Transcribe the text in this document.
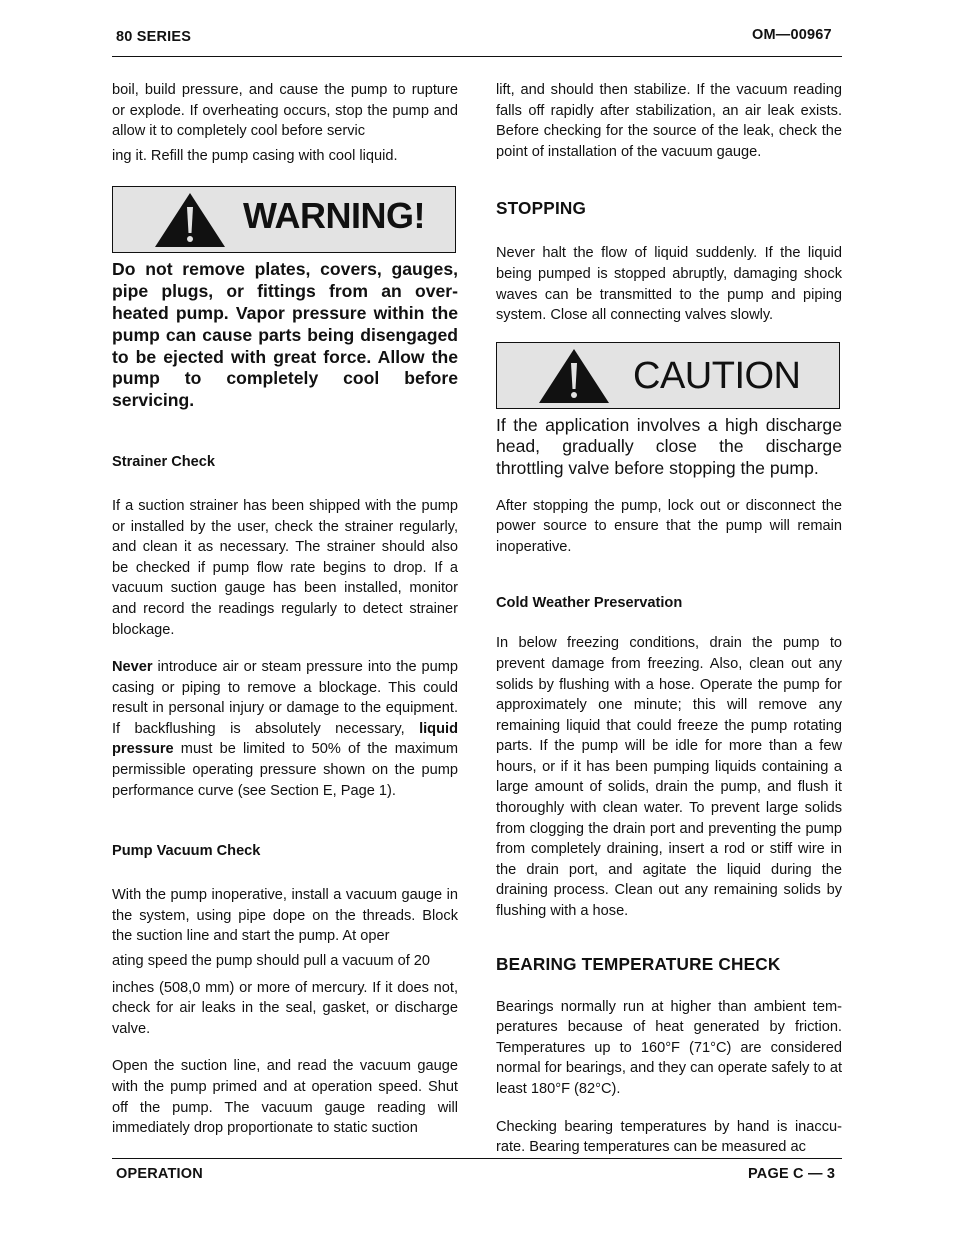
80 SERIES	OM—00967

boil, build pressure, and cause the pump to rupture or explode. If overheating occurs, stop the pump and allow it to completely cool before servic

ing it. Refill the pump casing with cool liquid.

WARNING!

Do not remove plates, covers, gauges, pipe plugs, or fittings from an overheated pump. Vapor pressure within the pump can cause parts being disengaged to be ejected with great force. Allow the pump to completely cool before servicing.

Strainer Check

If a suction strainer has been shipped with the pump or installed by the user, check the strainer regularly, and clean it as necessary. The strainer should also be checked if pump flow rate begins to drop. If a vacuum suction gauge has been installed, monitor and record the readings regularly to detect strainer blockage.

Never introduce air or steam pressure into the pump casing or piping to remove a blockage. This could result in personal injury or damage to the equipment. If backflushing is absolutely necessary, liquid pressure must be limited to 50% of the maximum permissible operating pressure shown on the pump performance curve (see Section E, Page 1).

Pump Vacuum Check

With the pump inoperative, install a vacuum gauge in the system, using pipe dope on the threads. Block the suction line and start the pump. At oper

ating speed the pump should pull a vacuum of 20

inches (508,0 mm) or more of mercury. If it does not, check for air leaks in the seal, gasket, or discharge valve.

Open the suction line, and read the vacuum gauge with the pump primed and at operation speed. Shut off the pump. The vacuum gauge reading will immediately drop proportionate to static suction

lift, and should then stabilize. If the vacuum reading falls off rapidly after stabilization, an air leak exists. Before checking for the source of the leak, check the point of installation of the vacuum gauge.

STOPPING

Never halt the flow of liquid suddenly. If the liquid being pumped is stopped abruptly, damaging shock waves can be transmitted to the pump and piping system. Close all connecting valves slowly.

CAUTION

If the application involves a high discharge head, gradually close the discharge throttling valve before stopping the pump.

After stopping the pump, lock out or disconnect the power source to ensure that the pump will remain inoperative.

Cold Weather Preservation

In below freezing conditions, drain the pump to prevent damage from freezing. Also, clean out any solids by flushing with a hose. Operate the pump for approximately one minute; this will remove any remaining liquid that could freeze the pump rotating parts. If the pump will be idle for more than a few hours, or if it has been pumping liquids containing a large amount of solids, drain the pump, and flush it thoroughly with clean water. To prevent large solids from clogging the drain port and preventing the pump from completely draining, insert a rod or stiff wire in the drain port, and agitate the liquid during the draining process. Clean out any remaining solids by flushing with a hose.

BEARING TEMPERATURE CHECK

Bearings normally run at higher than ambient temperatures because of heat generated by friction. Temperatures up to 160°F (71°C) are considered normal for bearings, and they can operate safely to at least 180°F (82°C).

Checking bearing temperatures by hand is inaccurate. Bearing temperatures can be measured ac

OPERATION	PAGE C — 3
